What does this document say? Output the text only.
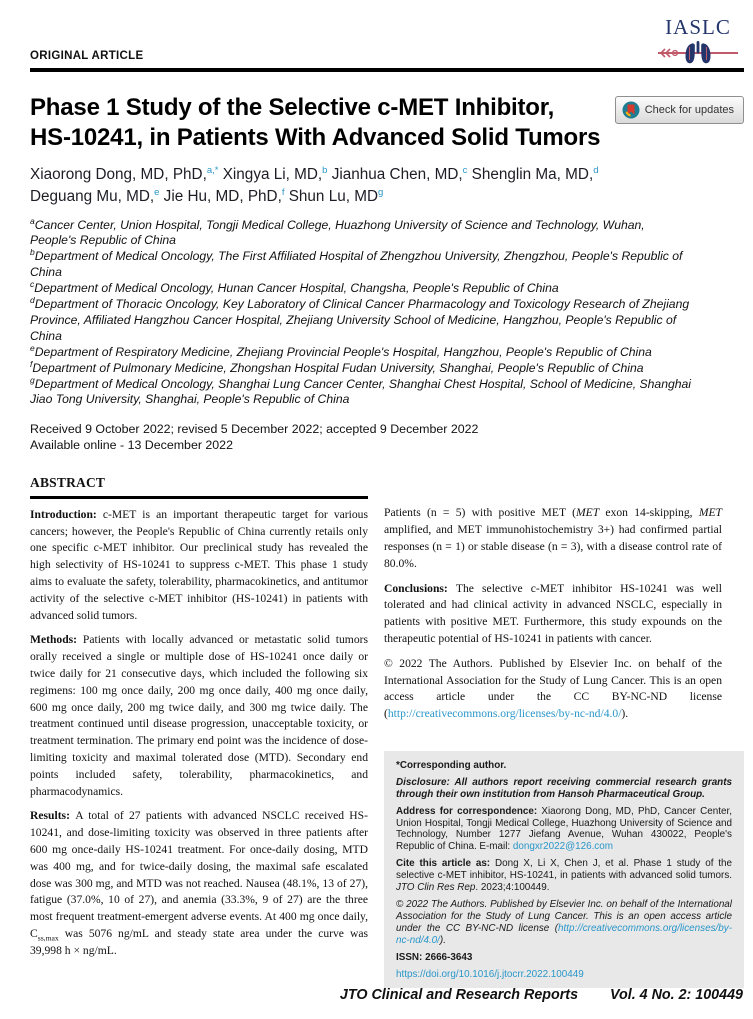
ORIGINAL ARTICLE
IASLC
Phase 1 Study of the Selective c-MET Inhibitor,
HS-10241, in Patients With Advanced Solid Tumors
Check for updates
Xiaorong Dong, MD, PhD,$^{a,*}$ Xingya Li, MD,$^b$ Jianhua Chen, MD,$^c$ Shenglin Ma, MD,$^d$
Deguang Mu, MD,$^e$ Jie Hu, MD, PhD,$^f$ Shun Lu, $MD^g$
$^a$Cancer Center, Union Hospital, Tongji Medical College, Huazhong University of Science and Technology, Wuhan, People's Republic of China
$^b$Department of Medical Oncology, The First Affiliated Hospital of Zhengzhou University, Zhengzhou, People's Republic of China
$^c$Department of Medical Oncology, Hunan Cancer Hospital, Changsha, People's Republic of China
$^d$Department of Thoracic Oncology, Key Laboratory of Clinical Cancer Pharmacology and Toxicology Research of Zhejiang Province, Affiliated Hangzhou Cancer Hospital, Zhejiang University School of Medicine, Hangzhou, People's Republic of China
$^e$Department of Respiratory Medicine, Zhejiang Provincial People's Hospital, Hangzhou, People's Republic of China
$^f$Department of Pulmonary Medicine, Zhongshan Hospital Fudan University, Shanghai, People's Republic of China
$^g$Department of Medical Oncology, Shanghai Lung Cancer Center, Shanghai Chest Hospital, School of Medicine, Shanghai Jiao Tong University, Shanghai, People's Republic of China
Received 9 October 2022; revised 5 December 2022; accepted 9 December 2022
Available online - 13 December 2022
ABSTRACT

Introduction: c-MET is an important therapeutic target for various cancers; however, the People's Republic of China currently retails only one specific c-MET inhibitor. Our preclinical study has revealed the high selectivity of HS-10241 to suppress c-MET. This phase 1 study aims to evaluate the safety, tolerability, pharmacokinetics, and antitumor activity of the selective c-MET inhibitor (HS-10241) in patients with advanced solid tumors.

Methods: Patients with locally advanced or metastatic solid tumors orally received a single or multiple dose of HS-10241 once daily or twice daily for 21 consecutive days, which included the following six regimens: 100 mg once daily, 200 mg once daily, 400 mg once daily, 600 mg once daily, 200 mg twice daily, and 300 mg twice daily. The treatment continued until disease progression, unacceptable toxicity, or treatment termination. The primary end point was the incidence of dose-limiting toxicity and maximal tolerated dose (MTD). Secondary end points included safety, tolerability, pharmacokinetics, and pharmacodynamics.

Results: A total of 27 patients with advanced NSCLC received HS-10241, and dose-limiting toxicity was observed in three patients after 600 mg once-daily HS-10241 treatment. For once-daily dosing, MTD was 400 mg, and for twice-daily dosing, the maximal safe escalated dose was 300 mg, and MTD was not reached. Nausea (48.1%, 13 of 27), fatigue (37.0%, 10 of 27), and anemia (33.3%, 9 of 27) are the three most frequent treatment-emergent adverse events. At 400 mg once daily, $C_{ss,max}$ was 5076 ng/mL and steady state area under the curve was 39,998 h × ng/mL.

Patients (n = 5) with positive MET (MET exon 14-skipping, MET amplified, and MET immunohistochemistry 3+) had confirmed partial responses (n = 1) or stable disease (n = 3), with a disease control rate of 80.0%.

Conclusions: The selective c-MET inhibitor HS-10241 was well tolerated and had clinical activity in advanced NSCLC, especially in patients with positive MET. Furthermore, this study expounds on the therapeutic potential of HS-10241 in patients with cancer.

© 2022 The Authors. Published by Elsevier Inc. on behalf of the International Association for the Study of Lung Cancer. This is an open access article under the CC BY-NC-ND license (http://creativecommons.org/licenses/by-nc-nd/4.0/).

*Corresponding author.

Disclosure: All authors report receiving commercial research grants through their own institution from Hansoh Pharmaceutical Group.

Address for correspondence: Xiaorong Dong, MD, PhD, Cancer Center, Union Hospital, Tongji Medical College, Huazhong University of Science and Technology, Number 1277 Jiefang Avenue, Wuhan 430022, People's Republic of China. E-mail: dongxr2022@126.com

Cite this article as: Dong X, Li X, Chen J, et al. Phase 1 study of the selective c-MET inhibitor, HS-10241, in patients with advanced solid tumors. JTO Clin Res Rep. 2023;4:100449.

© 2022 The Authors. Published by Elsevier Inc. on behalf of the International Association for the Study of Lung Cancer. This is an open access article under the CC BY-NC-ND license (http://creativecommons.org/licenses/by-nc-nd/4.0/).

ISSN: 2666-3643

https://doi.org/10.1016/j.jtocrr.2022.100449

JTO Clinical and Research Reports Vol. 4 No. 2: 100449
